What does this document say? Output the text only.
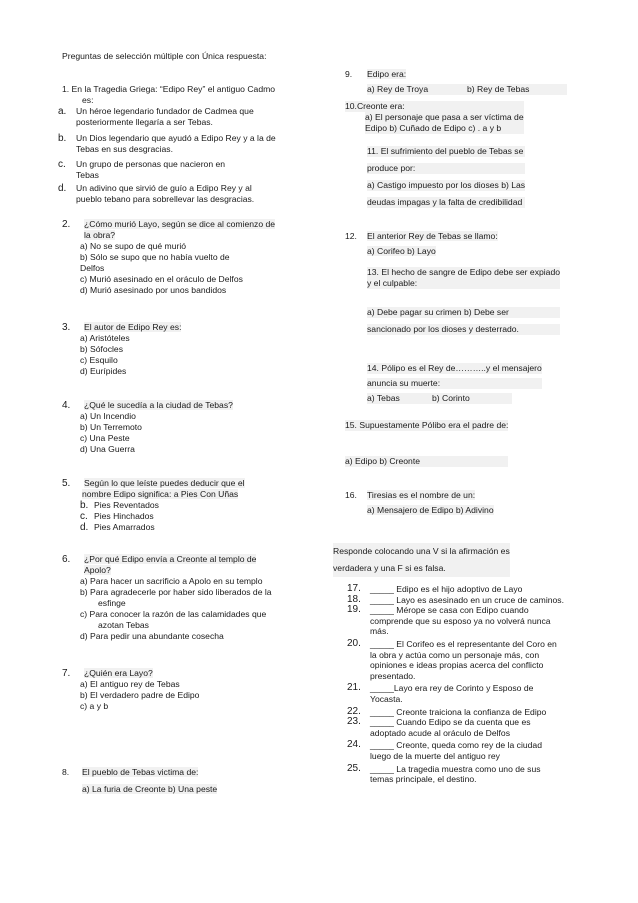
Preguntas de selección múltiple con Única respuesta:
1. En la Tragedia Griega: “Edipo Rey” el antiguo Cadmo
es:
a. Un héroe legendario fundador de Cadmea que
posteriormente llegaría a ser Tebas.
b. Un Dios legendario que ayudó a Edipo Rey y a la de
Tebas en sus desgracias.
c. Un grupo de personas que nacieron en
Tebas
d. Un adivino que sirvió de guío a Edipo Rey y al
pueblo tebano para sobrellevar las desgracias.
2. ¿Cómo murió Layo, según se dice al comienzo de
la obra?
a) No se supo de qué murió
b) Sólo se supo que no había vuelto de
Delfos
c) Murió asesinado en el oráculo de Delfos
d) Murió asesinado por unos bandidos
3. El autor de Edipo Rey es:
a) Aristóteles
b) Sófocles
c) Esquilo
d) Eurípides
4. ¿Qué le sucedía a la ciudad de Tebas?
a) Un Incendio
b) Un Terremoto
c) Una Peste
d) Una Guerra
5. Según lo que leíste puedes deducir que el
nombre Edipo significa: a Pies Con Uñas
b. Pies Reventados
c. Pies Hinchados
d. Pies Amarrados
6. ¿Por qué Edipo envía a Creonte al templo de
Apolo?
a) Para hacer un sacrificio a Apolo en su templo
b) Para agradecerle por haber sido liberados de la
esfinge
c) Para conocer la razón de las calamidades que
azotan Tebas
d) Para pedir una abundante cosecha
7. ¿Quién era Layo?
a) El antiguo rey de Tebas
b) El verdadero padre de Edipo
c) a y b
8. El pueblo de Tebas victima de:
a) La furia de Creonte b) Una peste
9. Edipo era:
a) Rey de Troya	b) Rey de Tebas
10.Creonte era:
a) El personaje que pasa a ser víctima de
Edipo b) Cuñado de Edipo c) . a y b
11. El sufrimiento del pueblo de Tebas se
produce por:
a) Castigo impuesto por los dioses b) Las
deudas impagas y la falta de credibilidad
12. El anterior Rey de Tebas se llamo:
a) Corifeo b) Layo
13. El hecho de sangre de Edipo debe ser expiado
y el culpable:
a) Debe pagar su crimen b) Debe ser
sancionado por los dioses y desterrado.
14. Pólipo es el Rey de………..y el mensajero
anuncia su muerte:
a) Tebas	b) Corinto
15. Supuestamente Pólibo era el padre de:
a) Edipo b) Creonte
16. Tiresias es el nombre de un:
a) Mensajero de Edipo b) Adivino
Responde colocando una V si la afirmación es
verdadera y una F si es falsa.
17.	_____ Edipo es el hijo adoptivo de Layo
18.	_____ Layo es asesinado en un cruce de caminos.
19.	_____ Mérope se casa con Edipo cuando
comprende que su esposo ya no volverá nunca
más.
20.	_____ El Corifeo es el representante del Coro en
la obra y actúa como un personaje más, con
opiniones e ideas propias acerca del conflicto
presentado.
21.	_____Layo era rey de Corinto y Esposo de
Yocasta.
22.	_____ Creonte traiciona la confianza de Edipo
23.	_____ Cuando Edipo se da cuenta que es
adoptado acude al oráculo de Delfos
24.	_____ Creonte, queda como rey de la ciudad
luego de la muerte del antiguo rey
25.	_____ La tragedia muestra como uno de sus
temas principale, el destino.
